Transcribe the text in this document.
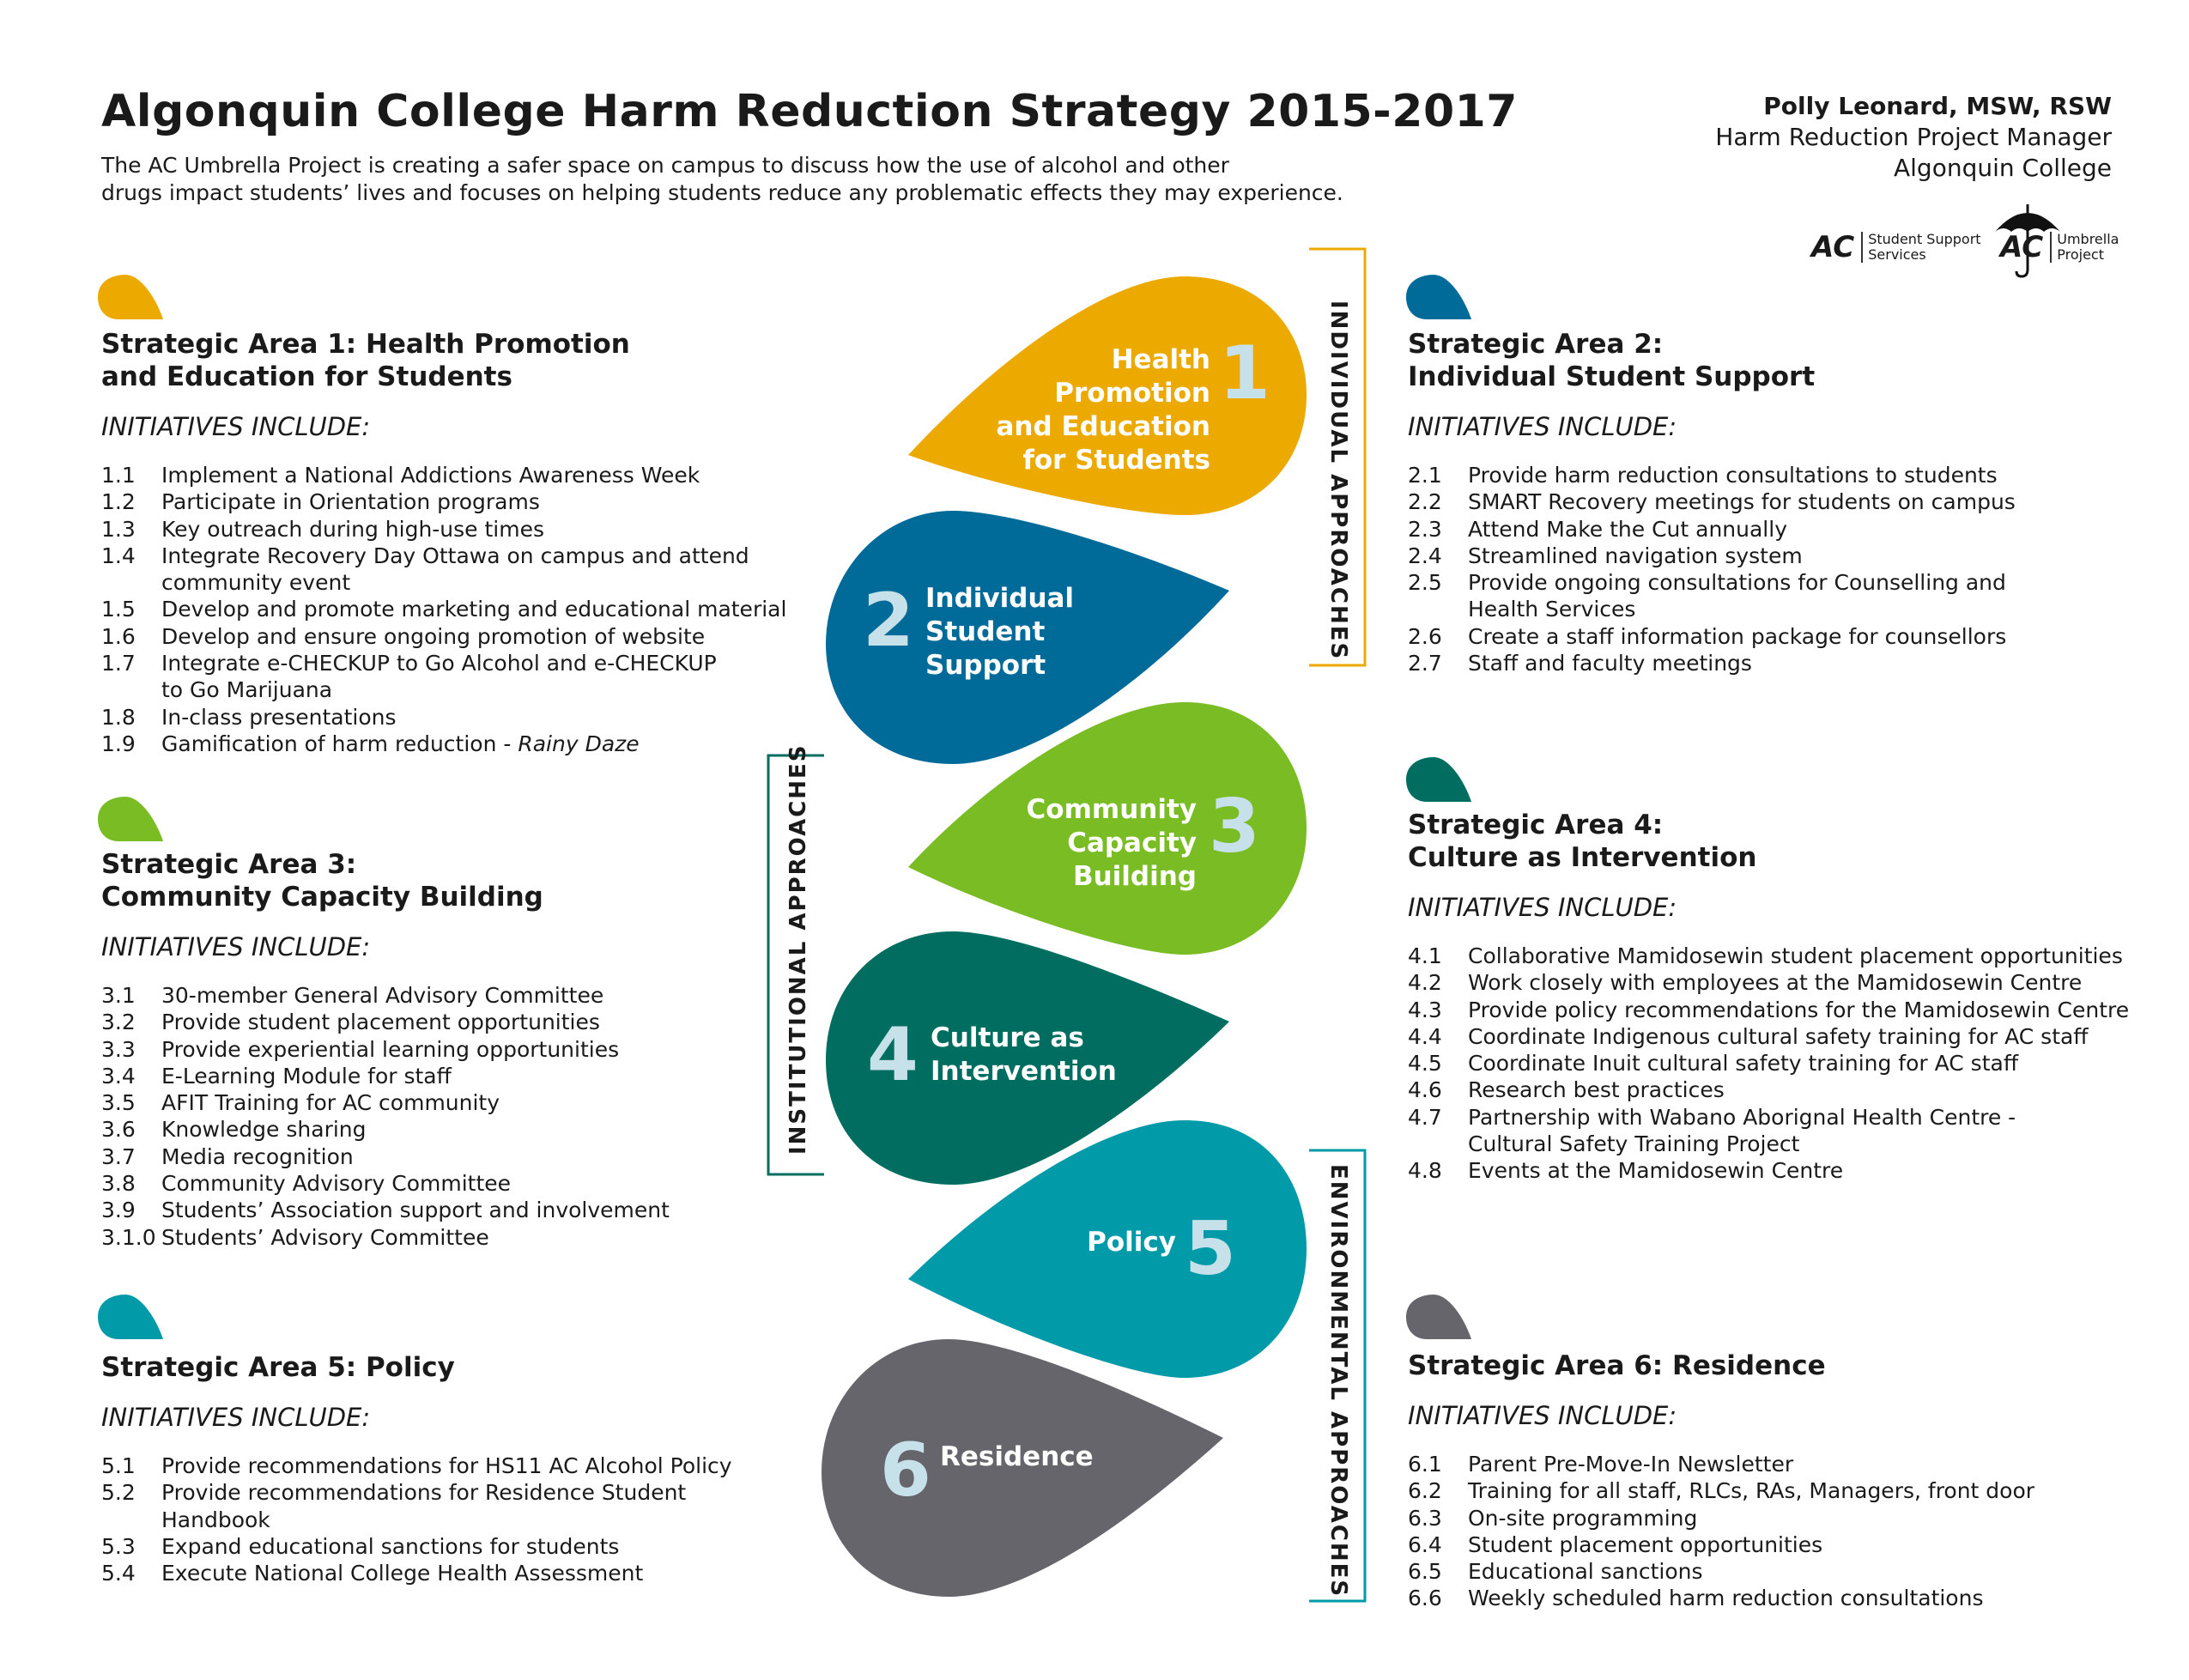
Algonquin College Harm Reduction Strategy 2015-2017
The AC Umbrella Project is creating a safer space on campus to discuss how the use of alcohol and other
drugs impact students’ lives and focuses on helping students reduce any problematic effects they may experience.
Polly Leonard, MSW, RSW
Harm Reduction Project Manager
Algonquin College
AC Student Support
Services	AC Umbrella
Project
Strategic Area 1: Health Promotion
and Education for Students
INITIATIVES INCLUDE:
1.1	Implement a National Addictions Awareness Week
1.2	Participate in Orientation programs
1.3	Key outreach during high-use times
1.4	Integrate Recovery Day Ottawa on campus and attend
community event
1.5	Develop and promote marketing and educational material
1.6	Develop and ensure ongoing promotion of website
1.7	Integrate e-CHECKUP to Go Alcohol and e-CHECKUP
to Go Marijuana
1.8	In-class presentations
1.9	Gamification of harm reduction - Rainy Daze
Strategic Area 2:
Individual Student Support
INITIATIVES INCLUDE:
2.1	Provide harm reduction consultations to students
2.2	SMART Recovery meetings for students on campus
2.3	Attend Make the Cut annually
2.4	Streamlined navigation system
2.5	Provide ongoing consultations for Counselling and
Health Services
2.6	Create a staff information package for counsellors
2.7	Staff and faculty meetings
Strategic Area 3:
Community Capacity Building
INITIATIVES INCLUDE:
3.1	30-member General Advisory Committee
3.2	Provide student placement opportunities
3.3	Provide experiential learning opportunities
3.4	E-Learning Module for staff
3.5	AFIT Training for AC community
3.6	Knowledge sharing
3.7	Media recognition
3.8	Community Advisory Committee
3.9	Students’ Association support and involvement
3.1.0 Students’ Advisory Committee
Strategic Area 4:
Culture as Intervention
INITIATIVES INCLUDE:
4.1	Collaborative Mamidosewin student placement opportunities
4.2	Work closely with employees at the Mamidosewin Centre
4.3	Provide policy recommendations for the Mamidosewin Centre
4.4	Coordinate Indigenous cultural safety training for AC staff
4.5	Coordinate Inuit cultural safety training for AC staff
4.6	Research best practices
4.7	Partnership with Wabano Aborignal Health Centre -
Cultural Safety Training Project
4.8	Events at the Mamidosewin Centre
Strategic Area 5: Policy
INITIATIVES INCLUDE:
5.1	Provide recommendations for HS11 AC Alcohol Policy
5.2	Provide recommendations for Residence Student
Handbook
5.3	Expand educational sanctions for students
5.4	Execute National College Health Assessment
Strategic Area 6: Residence
INITIATIVES INCLUDE:
6.1	Parent Pre-Move-In Newsletter
6.2	Training for all staff, RLCs, RAs, Managers, front door
6.3	On-site programming
6.4	Student placement opportunities
6.5	Educational sanctions
6.6	Weekly scheduled harm reduction consultations
Health
Promotion
and Education
for Students
1
2 Individual
Student
Support
Community
Capacity
Building
3
4 Culture as
Intervention
Policy 5
6 Residence
INDIVIDUAL APPROACHES
INSTITUTIONAL APPROACHES
ENVIRONMENTAL APPROACHES
